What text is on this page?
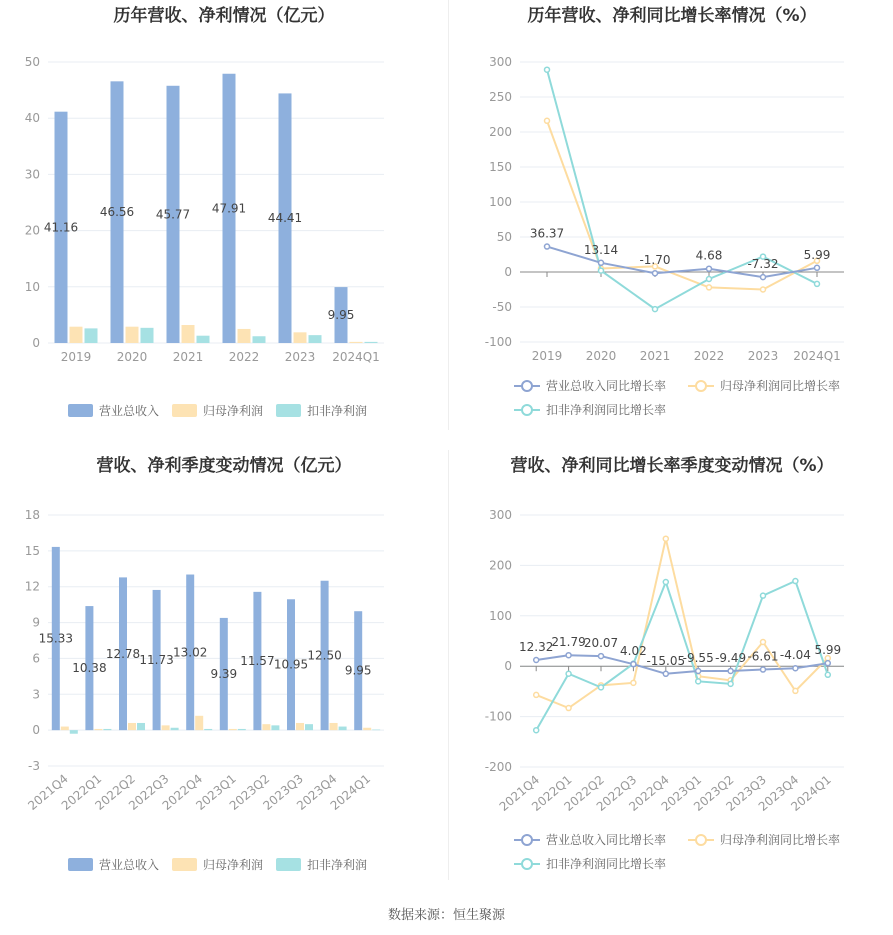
历年营收、净利情况（亿元）
0
10
20
30
40
50
41.16
46.56 45.77 47.91
44.41
9.95
2019 2020 2021 2022 2023 2024Q1
营业总收入	归母净利润	扣非净利润
历年营收、净利同比增长率情况（%）
-100
-50
0
50
100
150
200
250
300
36.37
13.14
-1.70 4.68
-7.32
5.99
2019 2020 2021 2022 2023 2024Q1
营业总收入同比增长率	归母净利润同比增长率
扣非净利润同比增长率
营收、净利季度变动情况（亿元）
-3
0
3
6
9
12
15
18
15.33
10.38
12.78 11.73
13.02
9.39
11.57 10.95
12.50
9.95
2021Q4
2022Q1
2022Q2
2022Q3
2022Q4
2023Q1
2023Q2
2023Q3
2023Q4
2024Q1
营业总收入	归母净利润	扣非净利润
营收、净利同比增长率季度变动情况（%）
-200
-100
0
100
200
300
12.32
21.79
20.07
4.02
-15.05
-9.55 -9.49 -6.61 -4.04 5.99
2021Q4
2022Q1
2022Q2
2022Q3
2022Q4
2023Q1
2023Q2
2023Q3
2023Q4
2024Q1
营业总收入同比增长率	归母净利润同比增长率
扣非净利润同比增长率
数据来源：恒生聚源
